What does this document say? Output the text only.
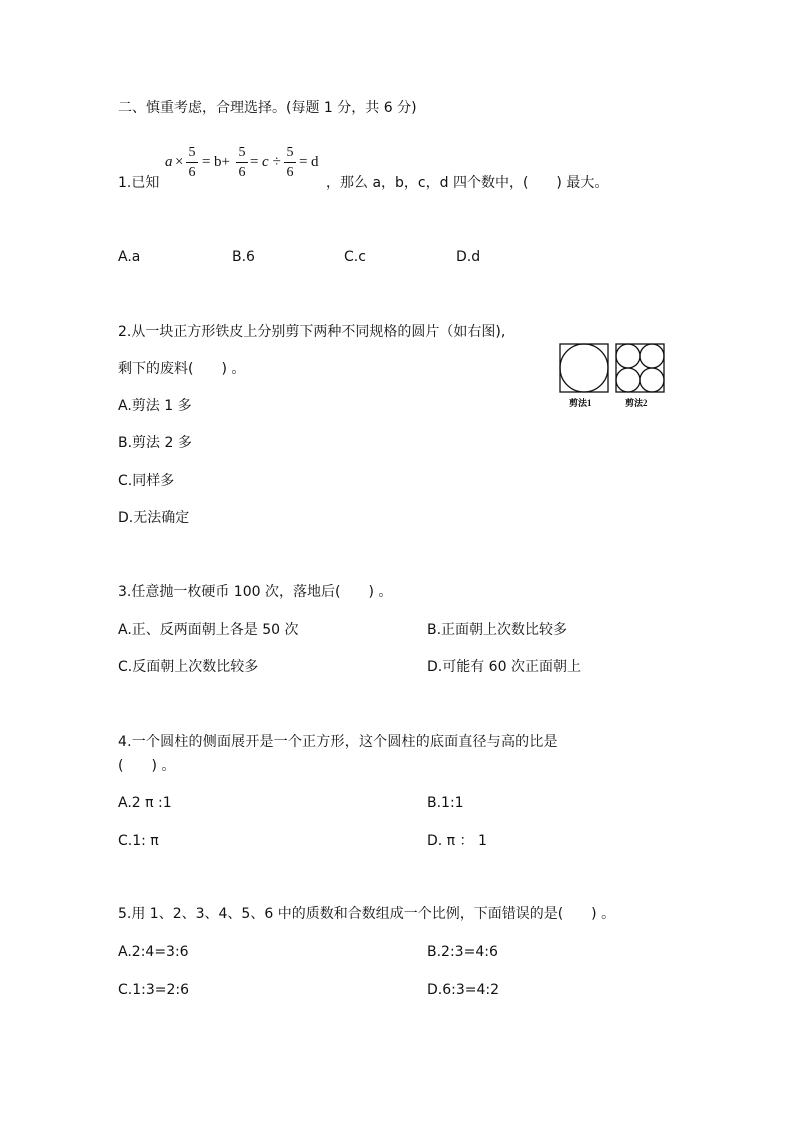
二、慎重考虑，合理选择。(每题 1 分，共 6 分)
a ×
5
6
= b+
5
6
= c ÷
5
6
= d
1.已知	，那么 a，b，c，d 四个数中，(　　) 最大。
A.a	B.6	C.c	D.d
2.从一块正方形铁皮上分别剪下两种不同规格的圆片（如右图),
剩下的废料(　　) 。
A.剪法 1 多
B.剪法 2 多
C.同样多
D.无法确定
剪法1	剪法2
3.任意抛一枚硬币 100 次，落地后(　　) 。
A.正、反两面朝上各是 50 次	B.正面朝上次数比较多
C.反面朝上次数比较多	D.可能有 60 次正面朝上
4.一个圆柱的侧面展开是一个正方形，这个圆柱的底面直径与高的比是
(　　) 。
A.2 π :1	B.1:1
C.1: π	D. π ： 1
5.用 1、2、3、4、5、6 中的质数和合数组成一个比例，下面错误的是(　　) 。
A.2:4=3:6	B.2:3=4:6
C.1:3=2:6	D.6:3=4:2
